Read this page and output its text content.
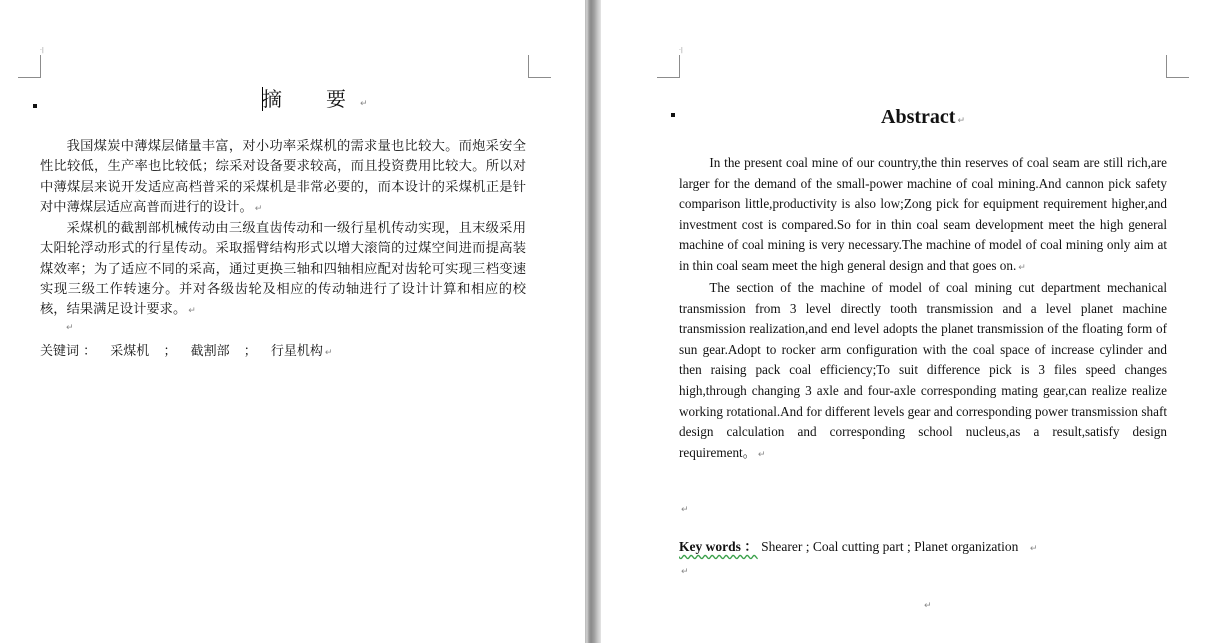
·|
摘　要 ↵

我国煤炭中薄煤层储量丰富，对小功率采煤机的需求量也比较大。而炮采安全性比较低，生产率也比较低；综采对设备要求较高，而且投资费用比较大。所以对中薄煤层来说开发适应高档普采的采煤机是非常必要的，而本设计的采煤机正是针对中薄煤层适应高普而进行的设计。 ↵

采煤机的截割部机械传动由三级直齿传动和一级行星机传动实现，且末级采用太阳轮浮动形式的行星传动。采取摇臂结构形式以增大滚筒的过煤空间进而提高装煤效率；为了适应不同的采高，通过更换三轴和四轴相应配对齿轮可实现三档变速实现三级工作转速分。并对各级齿轮及相应的传动轴进行了设计计算和相应的校核，结果满足设计要求。 ↵

↵
关键词 ： 采煤机 ； 截割部 ； 行星机构 ↵
·|
Abstract ↵

In the present coal mine of our country,the thin reserves of coal seam are still rich,are larger for the demand of the small-power machine of coal mining.And cannon pick safety comparison little,productivity is also low;Zong pick for equipment requirement higher,and investment cost is compared.So for in thin coal seam development meet the high general machine of coal mining is very necessary.The machine of model of coal mining only aim at in thin coal seam meet the high general design and that goes on. ↵

The section of the machine of model of coal mining cut department mechanical transmission from 3 level directly tooth transmission and a level planet machine transmission realization,and end level adopts the planet transmission of the floating form of sun gear.Adopt to rocker arm configuration with the coal space of increase cylinder and then raising pack coal efficiency;To suit difference pick is 3 files speed changes high,through changing 3 axle and four-axle corresponding mating gear,can realize realize working rotational.And for different levels gear and corresponding power transmission shaft design calculation and corresponding school nucleus,as a result,satisfy design requirement。 ↵

↵
Key words ： Shearer ; Coal cutting part ; Planet organization ↵
↵
↵
